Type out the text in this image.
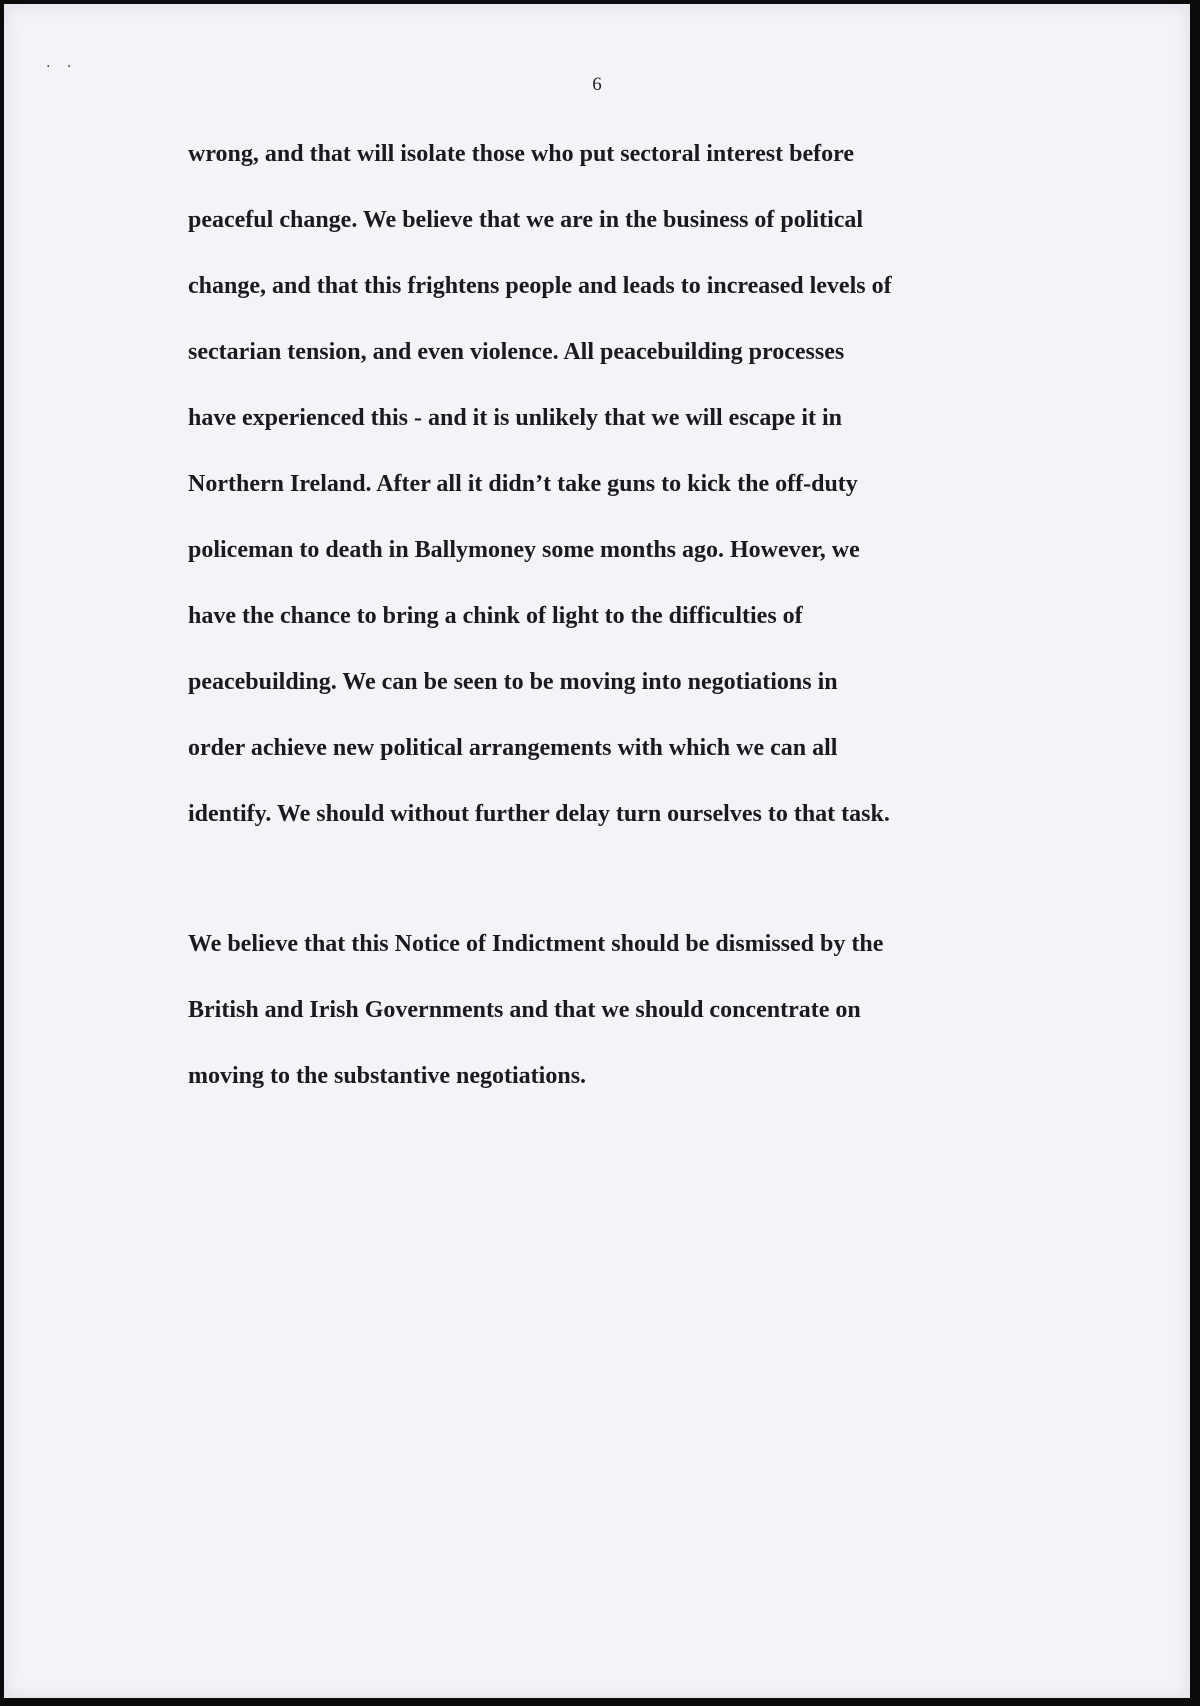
. .
6
wrong, and that will isolate those who put sectoral interest before
peaceful change. We believe that we are in the business of political
change, and that this frightens people and leads to increased levels of
sectarian tension, and even violence. All peacebuilding processes
have experienced this - and it is unlikely that we will escape it in
Northern Ireland. After all it didn’t take guns to kick the off-duty
policeman to death in Ballymoney some months ago. However, we
have the chance to bring a chink of light to the difficulties of
peacebuilding. We can be seen to be moving into negotiations in
order achieve new political arrangements with which we can all
identify. We should without further delay turn ourselves to that task.
We believe that this Notice of Indictment should be dismissed by the
British and Irish Governments and that we should concentrate on
moving to the substantive negotiations.
